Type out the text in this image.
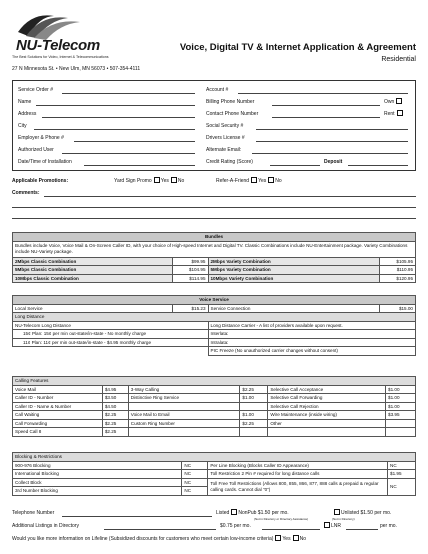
NU-Telecom
The Best Solutions for Video, Internet & Telecommunications
27 N Minnesota St. • New Ulm, MN 56073 • 507-354-4111
Voice, Digital TV & Internet Application & Agreement
Residential
Service Order #
Name
Address
City
Employer & Phone #
Authorized User
Date/Time of Installation
Account #
Billing Phone Number	Own
Contact Phone Number	Rent
Social Security #
Drivers License #
Alternate Email:
Credit Rating (Score)	Deposit
Applicable Promotions:	Yard Sign Promo Yes No	Refer-A-Friend Yes No
Comments:
Bundles			
Bundles include Voice, Voice Mail & On-Screen Caller ID, with your choice of High-speed Internet and Digital TV. Classic Combinations include NU-Entertainment package. Variety Combinations include NU-Variety package.			
2Mbps Classic Combination	$99.95	2Mbps Variety Combination	$105.95
5Mbps Classic Combination	$104.95	5Mbps Variety Combination	$110.95
10Mbps Classic Combination	$114.95	10Mbps Variety Combination	$120.95
Voice Service			
Local Service	$15.23	Service Connection	$15.00
Long Distance			
NU-Telecom Long Distance		Long Distance Carrier - A list of providers available upon request.	
15¢ Plan: 15¢ per min out-state/in-state - No monthly charge		Interlata:	
11¢ Plan: 11¢ per min out-state/in-state - $4.95 monthly charge		Intralata:	
		PIC Freeze (No unauthorized carrier changes without consent)	
Calling Features					
Voice Mail	$4.95	3-Way Calling	$2.25	Selective Call Acceptance	$1.00
Caller ID - Number	$3.50	Distinctive Ring Service	$1.00	Selective Call Forwarding	$1.00
Caller ID - Name & Number	$4.50			Selective Call Rejection	$1.00
Call Waiting	$2.25	Voice Mail to Email	$1.00	Wire Maintenance (inside wiring)	$3.95
Call Forwarding	$2.25	Custom Ring Number	$2.25	Other	
Speed Call 8	$2.25				
Blocking & Restrictions			
900-976 Blocking	NC	Per Line Blocking (Blocks Caller ID Appearance)	NC
International Blocking	NC	Toll Restriction 2 Pin # required for long distance calls	$1.95
Collect Block	NC	Toll Free Toll Restrictions (Allows 800, 855, 866, 877, 888 calls & prepaid & regular calling cards. Cannot dial "0")	NC
3rd Number Blocking	NC		
Telephone Number	Listed NonPub $1.50 per mo.	Unlisted $1.50 per mo.
(Not in Directory or Directory Assistance)	(Not in Directory)
Additional Listings in Directory	$0.75 per mo.	LNR	per mo.
Would you like more information on Lifeline (Subsidized discounts for customers who meet certain low-income criteria) Yes No
